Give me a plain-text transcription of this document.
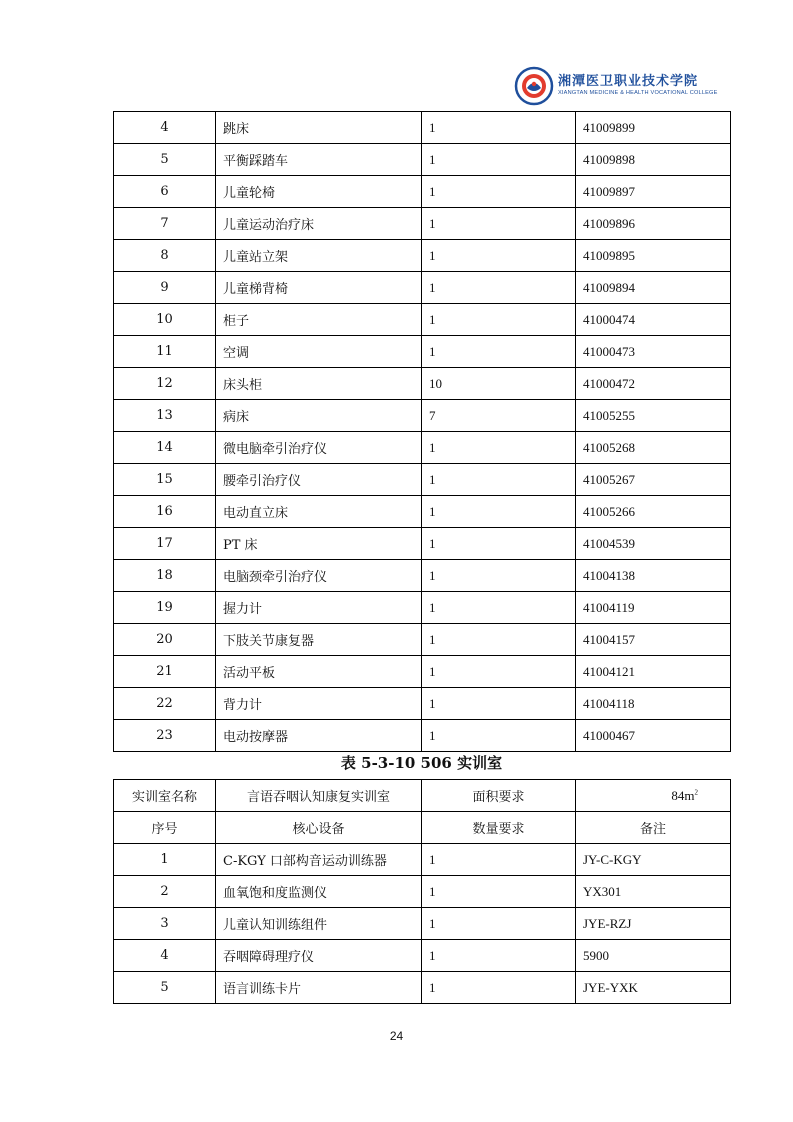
湘潭医卫职业技术学院
XIANGTAN MEDICINE & HEALTH VOCATIONAL COLLEGE
4	跳床	1	41009899
5	平衡踩踏车	1	41009898
6	儿童轮椅	1	41009897
7	儿童运动治疗床	1	41009896
8	儿童站立架	1	41009895
9	儿童梯背椅	1	41009894
10	柜子	1	41000474
11	空调	1	41000473
12	床头柜	10	41000472
13	病床	7	41005255
14	微电脑牵引治疗仪	1	41005268
15	腰牵引治疗仪	1	41005267
16	电动直立床	1	41005266
17	PT 床	1	41004539
18	电脑颈牵引治疗仪	1	41004138
19	握力计	1	41004119
20	下肢关节康复器	1	41004157
21	活动平板	1	41004121
22	背力计	1	41004118
23	电动按摩器	1	41000467
表 5-3-10 506 实训室
实训室名称	言语吞咽认知康复实训室	面积要求	$84m^2$
序号	核心设备	数量要求	备注
1	C-KGY 口部构音运动训练器	1	JY-C-KGY
2	血氧饱和度监测仪	1	YX301
3	儿童认知训练组件	1	JYE-RZJ
4	吞咽障碍理疗仪	1	5900
5	语言训练卡片	1	JYE-YXK
24
